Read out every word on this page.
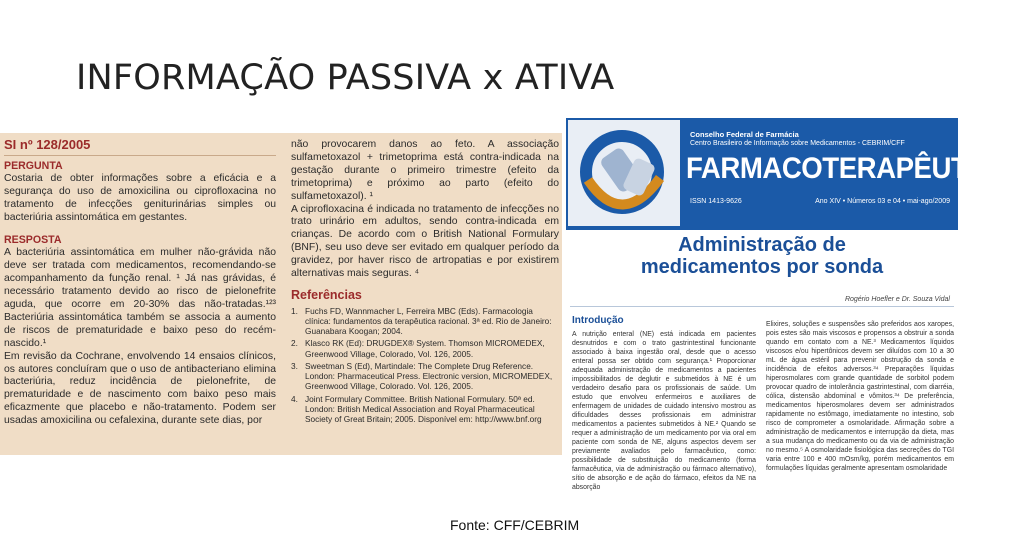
INFORMAÇÃO PASSIVA x ATIVA
SI nº 128/2005
PERGUNTA

Costaria de obter informações sobre a eficácia e a segurança do uso de amoxicilina ou ciprofloxacina no tratamento de infecções geniturinárias simples ou bacteriúria assintomática em gestantes.

RESPOSTA

A bacteriúria assintomática em mulher não-grávida não deve ser tratada com medicamentos, recomendando-se acompanhamento da função renal. ¹ Já nas grávidas, é necessário tratamento devido ao risco de pielonefrite aguda, que ocorre em 20-30% das não-tratadas.¹²³ Bacteriúria assintomática também se associa a aumento de riscos de prematuridade e baixo peso do recém-nascido.¹

Em revisão da Cochrane, envolvendo 14 ensaios clínicos, os autores concluíram que o uso de antibacteriano elimina bacteriúria, reduz incidência de pielonefrite, de prematuridade e de nascimento com baixo peso mais eficazmente que placebo e não-tratamento. Podem ser usadas amoxicilina ou cefalexina, durante sete dias, por

não provocarem danos ao feto. A associação sulfametoxazol + trimetoprima está contra-indicada na gestação durante o primeiro trimestre (efeito da trimetoprima) e próximo ao parto (efeito do sulfametoxazol). ¹

A ciprofloxacina é indicada no tratamento de infecções no trato urinário em adultos, sendo contra-indicada em crianças. De acordo com o British National Formulary (BNF), seu uso deve ser evitado em qualquer período da gravidez, por haver risco de artropatias e por existirem alternativas mais seguras. ⁴

Referências
1. Fuchs FD, Wannmacher L, Ferreira MBC (Eds). Farmacologia clínica: fundamentos da terapêutica racional. 3ª ed. Rio de Janeiro: Guanabara Koogan; 2004.
2. Klasco RK (Ed): DRUGDEX® System. Thomson MICROMEDEX, Greenwood Village, Colorado, Vol. 126, 2005.
3. Sweetman S (Ed), Martindale: The Complete Drug Reference. London: Pharmaceutical Press. Electronic version, MICROMEDEX, Greenwood Village, Colorado. Vol. 126, 2005.
4. Joint Formulary Committee. British National Formulary. 50ª ed. London: British Medical Association and Royal Pharmaceutical Society of Great Britain; 2005. Disponível em: http://www.bnf.org
Conselho Federal de Farmácia
Centro Brasileiro de Informação sobre Medicamentos - CEBRIM/CFF
FARMACOTERAPÊUTICA
ISSN 1413-9626	Ano XIV • Números 03 e 04 • mai-ago/2009
Administração de
medicamentos por sonda
Rogério Hoefler e Dr. Souza Vidal
Introdução
A nutrição enteral (NE) está indicada em pacientes desnutridos e com o trato gastrintestinal funcionante associado à baixa ingestão oral, desde que o acesso enteral possa ser obtido com segurança.¹ Proporcionar adequada administração de medicamentos a pacientes impossibilitados de deglutir e submetidos à NE é um verdadeiro desafio para os profissionais de saúde. Um estudo que envolveu enfermeiros e auxiliares de enfermagem de unidades de cuidado intensivo mostrou as dificuldades desses profissionais em administrar medicamentos a pacientes submetidos à NE.² Quando se requer a administração de um medicamento por via oral em paciente com sonda de NE, alguns aspectos devem ser previamente avaliados pelo farmacêutico, como: possibilidade de substituição do medicamento (forma farmacêutica, via de administração ou fármaco alternativo), sítio de absorção e de ação do fármaco, efeitos da NE na absorção
Elixires, soluções e suspensões são preferidos aos xaropes, pois estes são mais viscosos e propensos a obstruir a sonda quando em contato com a NE.³ Medicamentos líquidos viscosos e/ou hipertônicos devem ser diluídos com 10 a 30 mL de água estéril para prevenir obstrução da sonda e incidência de efeitos adversos.³⁴ Preparações líquidas hiperosmolares com grande quantidade de sorbitol podem provocar quadro de intolerância gastrintestinal, com diarréia, cólica, distensão abdominal e vômitos.³⁴ De preferência, medicamentos hiperosmolares devem ser administrados rapidamente no estômago, imediatamente no intestino, sob risco de comprometer a osmolaridade. Afirmação sobre a administração de medicamentos e interrupção da dieta, mas a sua mudança do medicamento ou da via de administração no mesmo.⁵ A osmolaridade fisiológica das secreções do TGI varia entre 100 e 400 mOsm/kg, porém medicamentos em formulações líquidas geralmente apresentam osmolaridade
Fonte: CFF/CEBRIM
